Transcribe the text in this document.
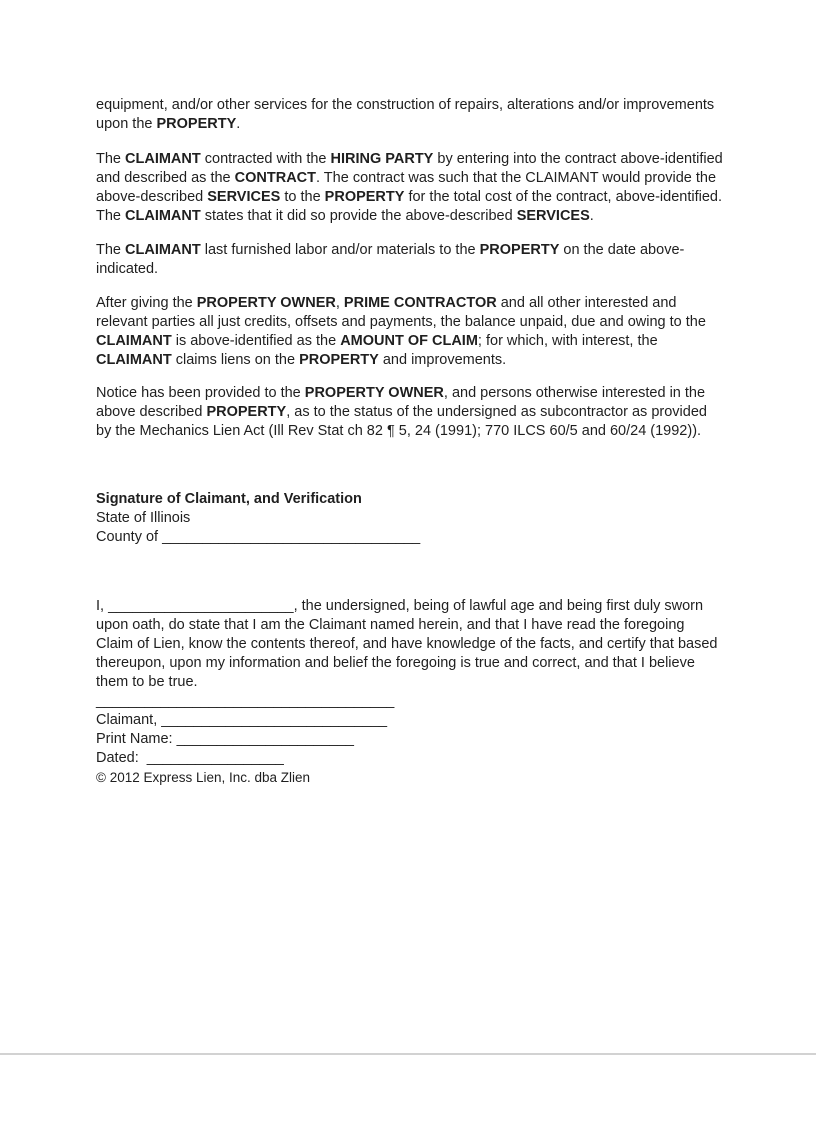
equipment, and/or other services for the construction of repairs, alterations and/or improvements upon the PROPERTY.

The CLAIMANT contracted with the HIRING PARTY by entering into the contract above-identified and described as the CONTRACT. The contract was such that the CLAIMANT would provide the above-described SERVICES to the PROPERTY for the total cost of the contract, above-identified. The CLAIMANT states that it did so provide the above-described SERVICES.

The CLAIMANT last furnished labor and/or materials to the PROPERTY on the date above-indicated.

After giving the PROPERTY OWNER, PRIME CONTRACTOR and all other interested and relevant parties all just credits, offsets and payments, the balance unpaid, due and owing to the CLAIMANT is above-identified as the AMOUNT OF CLAIM; for which, with interest, the CLAIMANT claims liens on the PROPERTY and improvements.

Notice has been provided to the PROPERTY OWNER, and persons otherwise interested in the above described PROPERTY, as to the status of the undersigned as subcontractor as provided by the Mechanics Lien Act (Ill Rev Stat ch 82 ¶ 5, 24 (1991); 770 ILCS 60/5 and 60/24 (1992)).

Signature of Claimant, and Verification

State of Illinois

County of ________________________________

I, _______________________, the undersigned, being of lawful age and being first duly sworn upon oath, do state that I am the Claimant named herein, and that I have read the foregoing Claim of Lien, know the contents thereof, and have knowledge of the facts, and certify that based thereupon, upon my information and belief the foregoing is true and correct, and that I believe them to be true.

_____________________________________

Claimant, ____________________________

Print Name: ______________________

Dated:  _________________

© 2012 Express Lien, Inc. dba Zlien
